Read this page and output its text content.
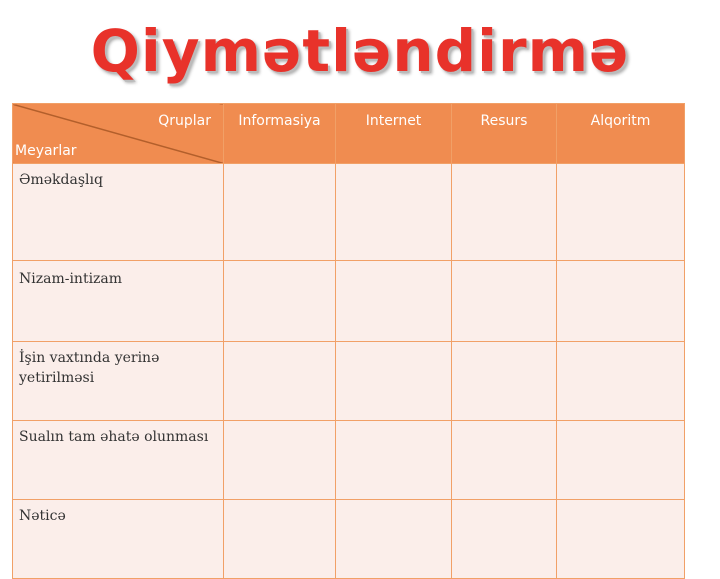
Qiymətləndirmə
Qruplar
Meyarlar	Informasiya	Internet	Resurs	Alqoritm
Əməkdaşlıq				
Nizam-intizam				
İşin vaxtında yerinə yetirilməsi				
Sualın tam əhatə olunması				
Nəticə				
